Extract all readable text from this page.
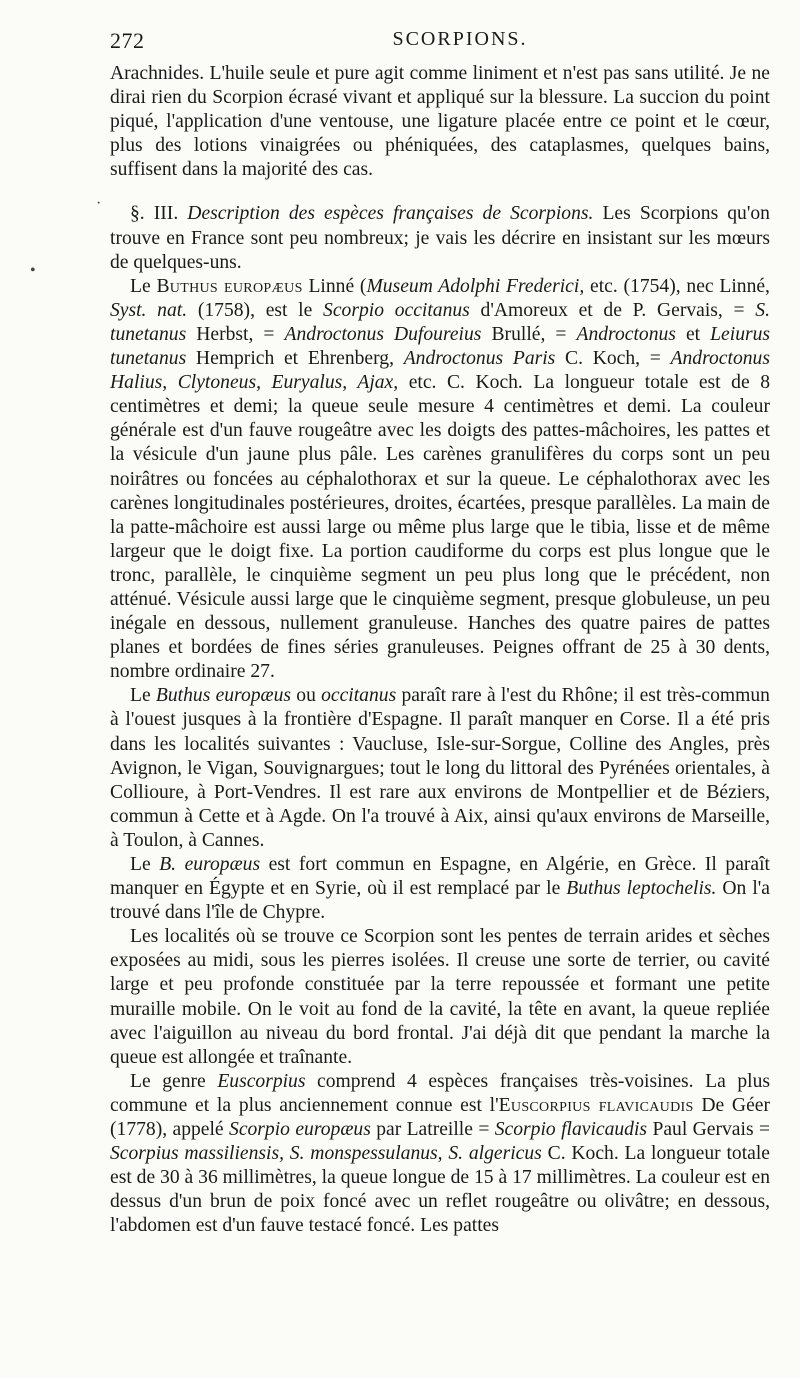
272	SCORPIONS.

Arachnides. L'huile seule et pure agit comme liniment et n'est pas sans utilité. Je ne dirai rien du Scorpion écrasé vivant et appliqué sur la blessure. La succion du point piqué, l'application d'une ventouse, une ligature placée entre ce point et le cœur, plus des lotions vinaigrées ou phéniquées, des cataplasmes, quelques bains, suffisent dans la majorité des cas.

§. III. Description des espèces françaises de Scorpions. Les Scorpions qu'on trouve en France sont peu nombreux; je vais les décrire en insistant sur les mœurs de quelques-uns.

Le Buthus europæus Linné (Museum Adolphi Frederici, etc. (1754), nec Linné, Syst. nat. (1758), est le Scorpio occitanus d'Amoreux et de P. Gervais, = S. tunetanus Herbst, = Androctonus Dufoureius Brullé, = Androctonus et Leiurus tunetanus Hemprich et Ehrenberg, Androctonus Paris C. Koch, = Androctonus Halius, Clytoneus, Euryalus, Ajax, etc. C. Koch. La longueur totale est de 8 centimètres et demi; la queue seule mesure 4 centimètres et demi. La couleur générale est d'un fauve rougeâtre avec les doigts des pattes-mâchoires, les pattes et la vésicule d'un jaune plus pâle. Les carènes granulifères du corps sont un peu noirâtres ou foncées au céphalothorax et sur la queue. Le céphalothorax avec les carènes longitudinales postérieures, droites, écartées, presque parallèles. La main de la patte-mâchoire est aussi large ou même plus large que le tibia, lisse et de même largeur que le doigt fixe. La portion caudiforme du corps est plus longue que le tronc, parallèle, le cinquième segment un peu plus long que le précédent, non atténué. Vésicule aussi large que le cinquième segment, presque globuleuse, un peu inégale en dessous, nullement granuleuse. Hanches des quatre paires de pattes planes et bordées de fines séries granuleuses. Peignes offrant de 25 à 30 dents, nombre ordinaire 27.

Le Buthus europæus ou occitanus paraît rare à l'est du Rhône; il est très-commun à l'ouest jusques à la frontière d'Espagne. Il paraît manquer en Corse. Il a été pris dans les localités suivantes : Vaucluse, Isle-sur-Sorgue, Colline des Angles, près Avignon, le Vigan, Souvignargues; tout le long du littoral des Pyrénées orientales, à Collioure, à Port-Vendres. Il est rare aux environs de Montpellier et de Béziers, commun à Cette et à Agde. On l'a trouvé à Aix, ainsi qu'aux environs de Marseille, à Toulon, à Cannes.

Le B. europæus est fort commun en Espagne, en Algérie, en Grèce. Il paraît manquer en Égypte et en Syrie, où il est remplacé par le Buthus leptochelis. On l'a trouvé dans l'île de Chypre.

Les localités où se trouve ce Scorpion sont les pentes de terrain arides et sèches exposées au midi, sous les pierres isolées. Il creuse une sorte de terrier, ou cavité large et peu profonde constituée par la terre repoussée et formant une petite muraille mobile. On le voit au fond de la cavité, la tête en avant, la queue repliée avec l'aiguillon au niveau du bord frontal. J'ai déjà dit que pendant la marche la queue est allongée et traînante.

Le genre Euscorpius comprend 4 espèces françaises très-voisines. La plus commune et la plus anciennement connue est l'Euscorpius flavicaudis De Géer (1778), appelé Scorpio europæus par Latreille = Scorpio flavicaudis Paul Gervais = Scorpius massiliensis, S. monspessulanus, S. algericus C. Koch. La longueur totale est de 30 à 36 millimètres, la queue longue de 15 à 17 millimètres. La couleur est en dessus d'un brun de poix foncé avec un reflet rougeâtre ou olivâtre; en dessous, l'abdomen est d'un fauve testacé foncé. Les pattes

·
•
